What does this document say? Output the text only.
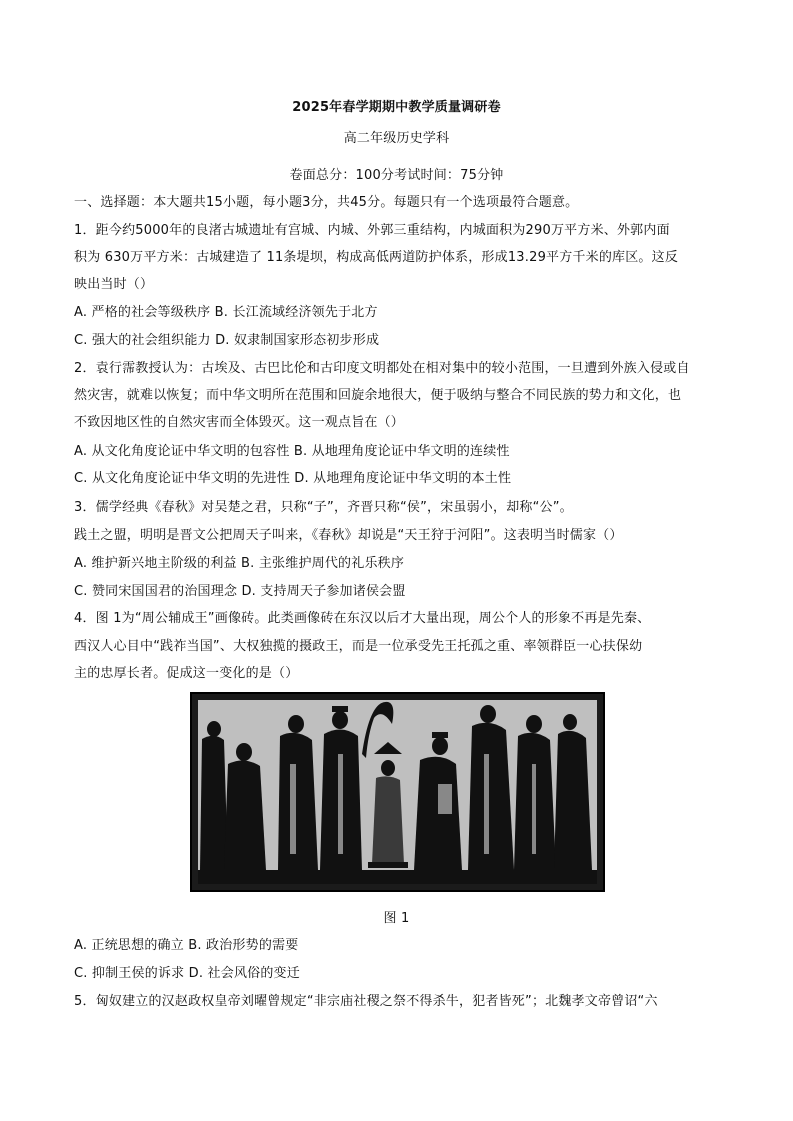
2025年春学期期中教学质量调研卷
高二年级历史学科
卷面总分：100分考试时间：75分钟
一、选择题：本大题共15小题，每小题3分，共45分。每题只有一个选项最符合题意。
1．距今约5000年的良渚古城遗址有宫城、内城、外郭三重结构，内城面积为290万平方米、外郭内面
积为 630万平方米：古城建造了 11条堤坝，构成高低两道防护体系，形成13.29平方千米的库区。这反
映出当时（）
A. 严格的社会等级秩序 B. 长江流域经济领先于北方
C. 强大的社会组织能力 D. 奴隶制国家形态初步形成
2．袁行霈教授认为：古埃及、古巴比伦和古印度文明都处在相对集中的较小范围，一旦遭到外族入侵或自
然灾害，就难以恢复；而中华文明所在范围和回旋余地很大，便于吸纳与整合不同民族的势力和文化，也
不致因地区性的自然灾害而全体毁灭。这一观点旨在（）
A. 从文化角度论证中华文明的包容性 B. 从地理角度论证中华文明的连续性
C. 从文化角度论证中华文明的先进性 D. 从地理角度论证中华文明的本土性
3．儒学经典《春秋》对吴楚之君，只称“子”，齐晋只称“侯”，宋虽弱小，却称“公”。
践土之盟，明明是晋文公把周天子叫来，《春秋》却说是“天王狩于河阳”。这表明当时儒家（）
A. 维护新兴地主阶级的利益 B. 主张维护周代的礼乐秩序
C. 赞同宋国国君的治国理念 D. 支持周天子参加诸侯会盟
4．图 1为“周公辅成王”画像砖。此类画像砖在东汉以后才大量出现，周公个人的形象不再是先秦、
西汉人心目中“践祚当国”、大权独揽的摄政王，而是一位承受先王托孤之重、率领群臣一心扶保幼
主的忠厚长者。促成这一变化的是（）
图 1
A. 正统思想的确立 B. 政治形势的需要
C. 抑制王侯的诉求 D. 社会风俗的变迁
5．匈奴建立的汉赵政权皇帝刘曜曾规定“非宗庙社稷之祭不得杀牛，犯者皆死”；北魏孝文帝曾诏“六
